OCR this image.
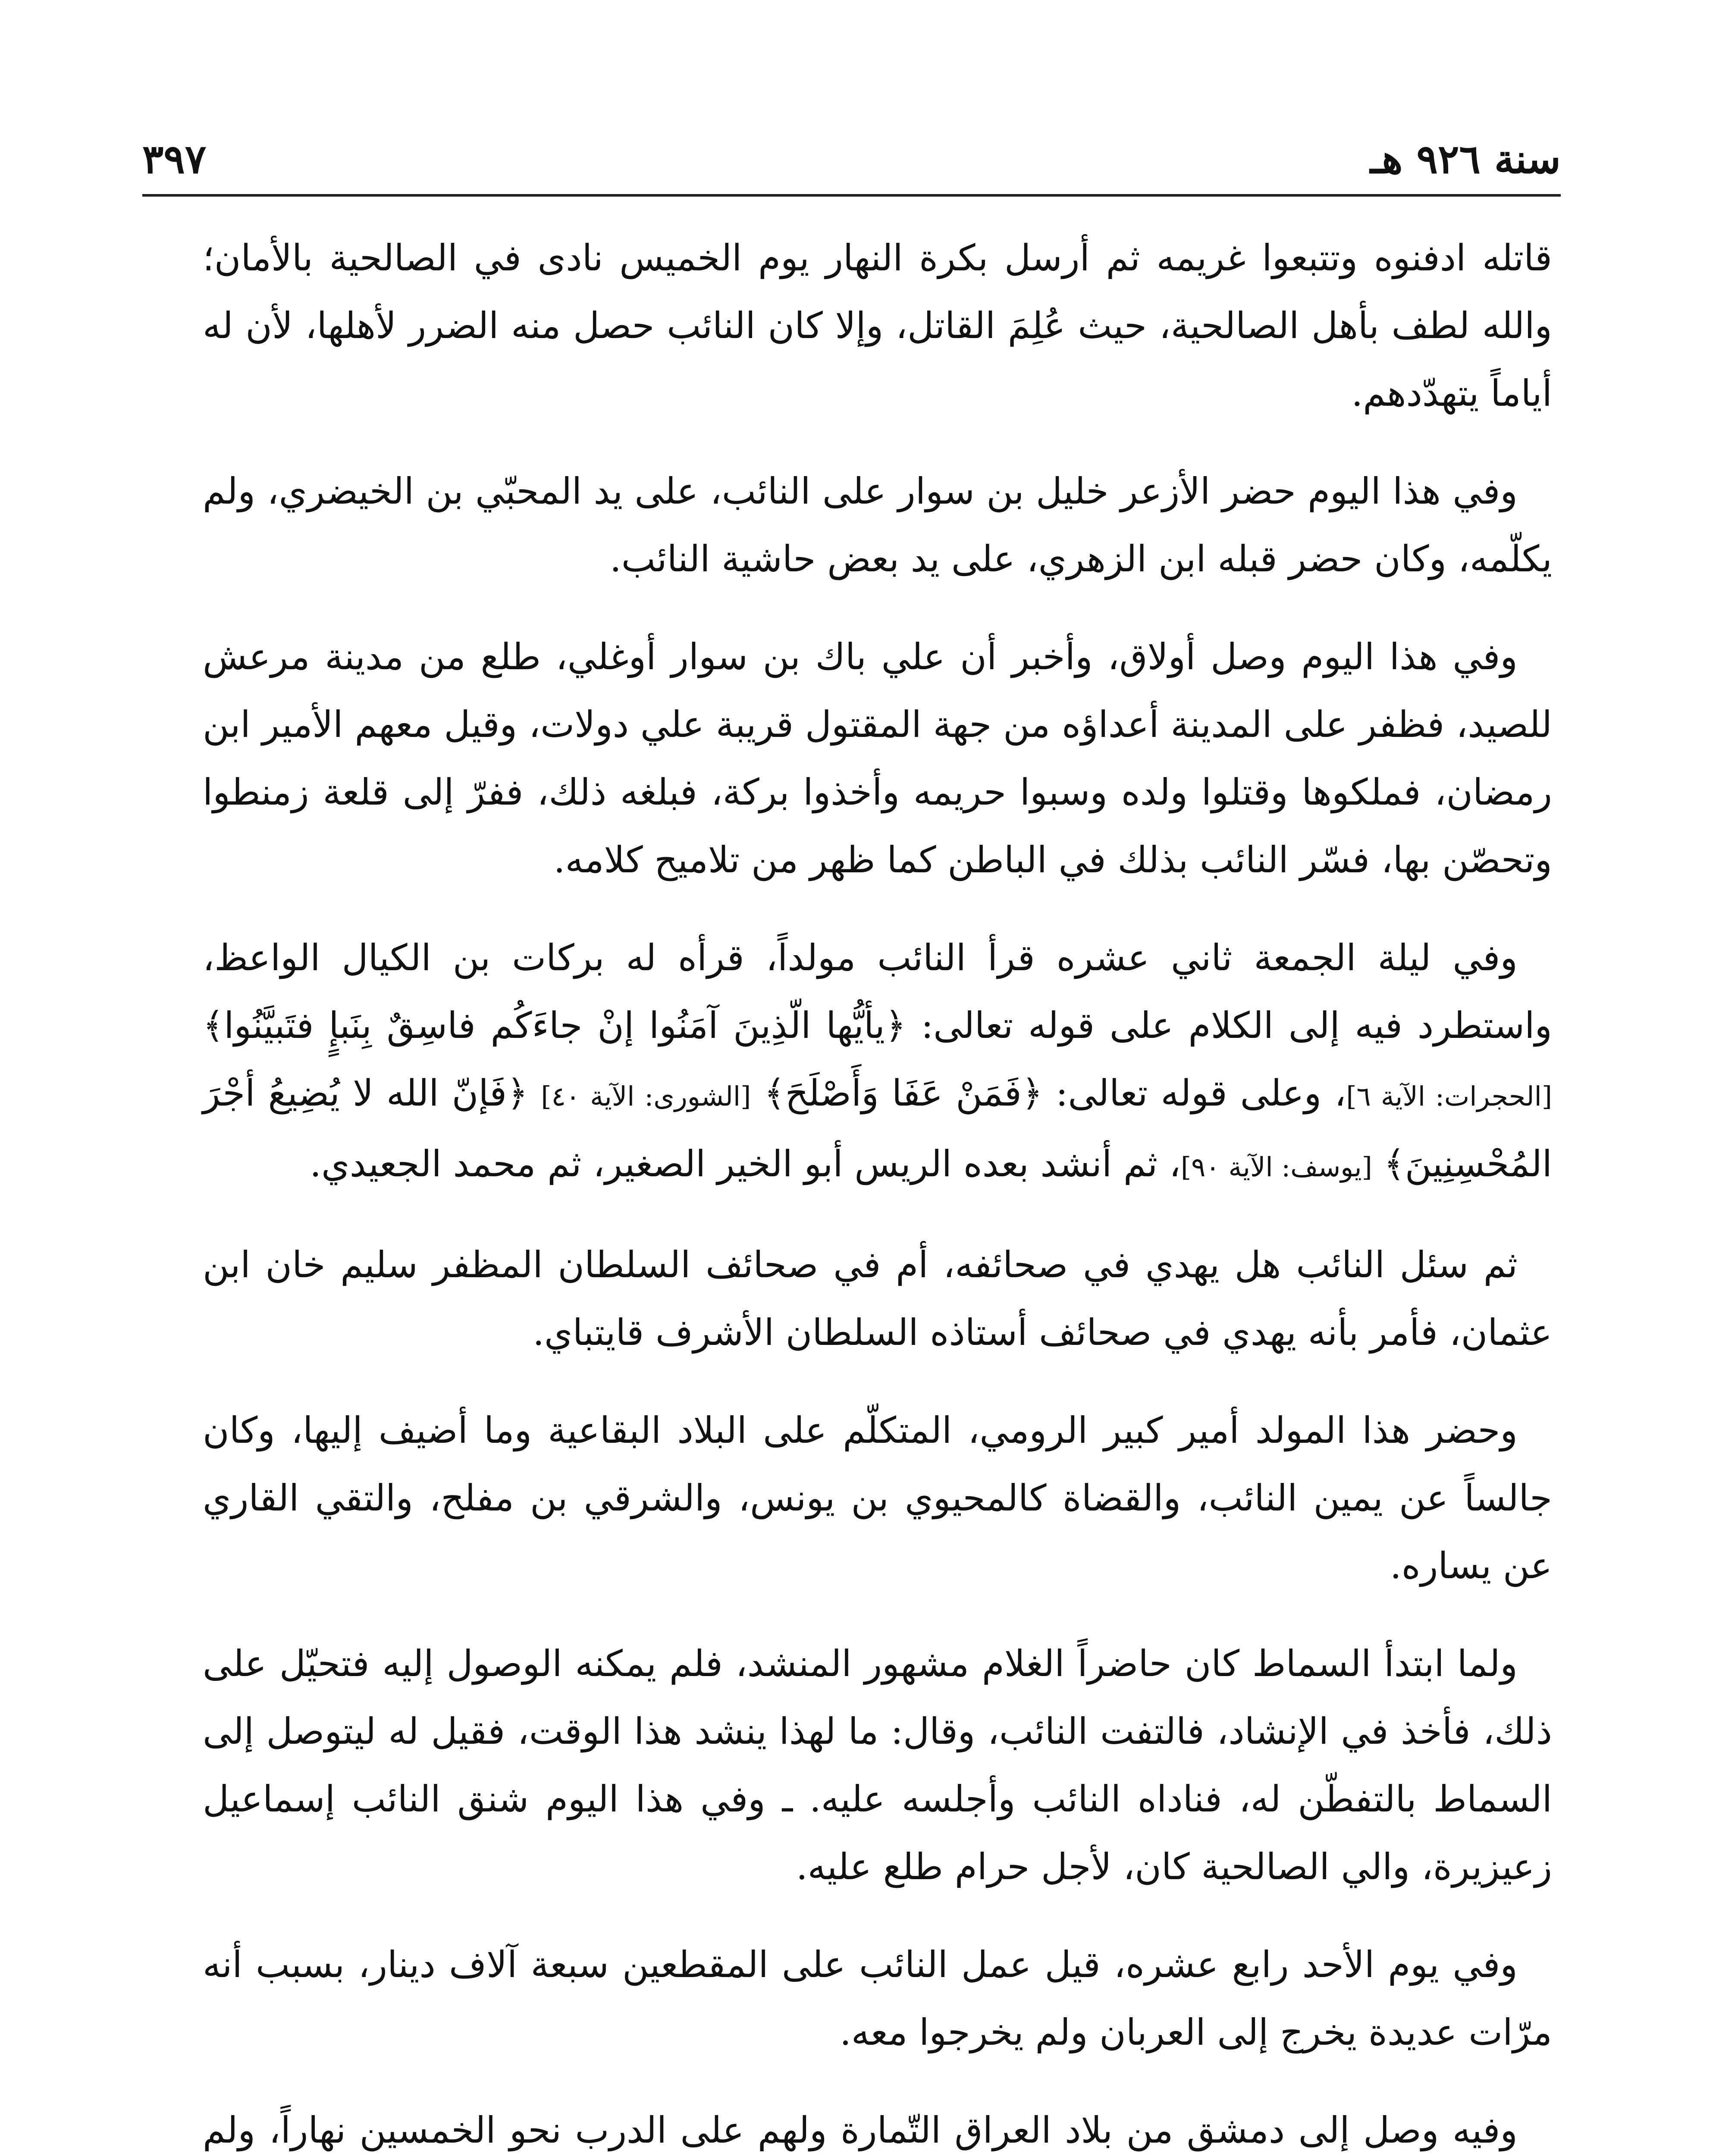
٣٩٧	سنة ٩٢٦ هـ

قاتله ادفنوه وتتبعوا غريمه ثم أرسل بكرة النهار يوم الخميس نادى في الصالحية بالأمان؛ والله لطف بأهل الصالحية، حيث عُلِمَ القاتل، وإلا كان النائب حصل منه الضرر لأهلها، لأن له أياماً يتهدّدهم.

وفي هذا اليوم حضر الأزعر خليل بن سوار على النائب، على يد المحبّي بن الخيضري، ولم يكلّمه، وكان حضر قبله ابن الزهري، على يد بعض حاشية النائب.

وفي هذا اليوم وصل أولاق، وأخبر أن علي باك بن سوار أوغلي، طلع من مدينة مرعش للصيد، فظفر على المدينة أعداؤه من جهة المقتول قريبة علي دولات، وقيل معهم الأمير ابن رمضان، فملكوها وقتلوا ولده وسبوا حريمه وأخذوا بركة، فبلغه ذلك، ففرّ إلى قلعة زمنطوا وتحصّن بها، فسّر النائب بذلك في الباطن كما ظهر من تلاميح كلامه.

وفي ليلة الجمعة ثاني عشره قرأ النائب مولداً، قرأه له بركات بن الكيال الواعظ، واستطرد فيه إلى الكلام على قوله تعالى: ﴿يأيُّها الّذِينَ آمَنُوا إنْ جاءَكُم فاسِقٌ بِنَبإٍ فتَبيَّنُوا﴾ [الحجرات: الآية ٦]، وعلى قوله تعالى: ﴿فَمَنْ عَفَا وَأَصْلَحَ﴾ [الشورى: الآية ٤٠] ﴿فَإنّ الله لا يُضِيعُ أجْرَ المُحْسِنِينَ﴾ [يوسف: الآية ٩٠]، ثم أنشد بعده الريس أبو الخير الصغير، ثم محمد الجعيدي.

ثم سئل النائب هل يهدي في صحائفه، أم في صحائف السلطان المظفر سليم خان ابن عثمان، فأمر بأنه يهدي في صحائف أستاذه السلطان الأشرف قايتباي.

وحضر هذا المولد أمير كبير الرومي، المتكلّم على البلاد البقاعية وما أضيف إليها، وكان جالساً عن يمين النائب، والقضاة كالمحيوي بن يونس، والشرقي بن مفلح، والتقي القاري عن يساره.

ولما ابتدأ السماط كان حاضراً الغلام مشهور المنشد، فلم يمكنه الوصول إليه فتحيّل على ذلك، فأخذ في الإنشاد، فالتفت النائب، وقال: ما لهذا ينشد هذا الوقت، فقيل له ليتوصل إلى السماط بالتفطّن له، فناداه النائب وأجلسه عليه. ـ وفي هذا اليوم شنق النائب إسماعيل زعيزيرة، والي الصالحية كان، لأجل حرام طلع عليه.

وفي يوم الأحد رابع عشره، قيل عمل النائب على المقطعين سبعة آلاف دينار، بسبب أنه مرّات عديدة يخرج إلى العربان ولم يخرجوا معه.

وفيه وصل إلى دمشق من بلاد العراق التّمارة ولهم على الدرب نحو الخمسين نهاراً، ولم
